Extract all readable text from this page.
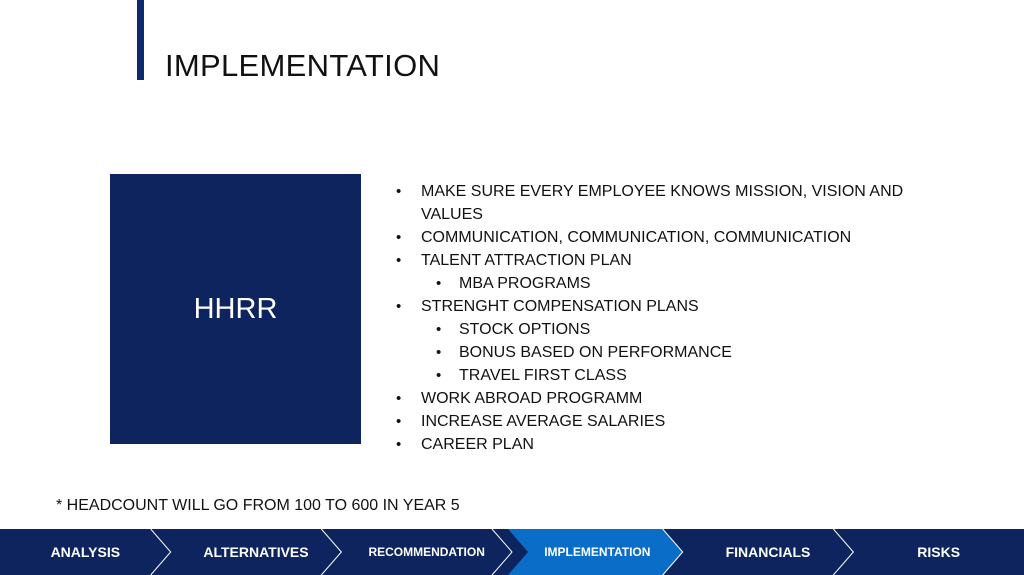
IMPLEMENTATION
HHRR
• MAKE SURE EVERY EMPLOYEE KNOWS MISSION, VISION AND VALUES
• COMMUNICATION, COMMUNICATION, COMMUNICATION
• TALENT ATTRACTION PLAN
• MBA PROGRAMS
• STRENGHT COMPENSATION PLANS
• STOCK OPTIONS
• BONUS BASED ON PERFORMANCE
• TRAVEL FIRST CLASS
• WORK ABROAD PROGRAMM
• INCREASE AVERAGE SALARIES
• CAREER PLAN
* HEADCOUNT WILL GO FROM 100 TO 600 IN YEAR 5
ANALYSIS	ALTERNATIVES	RECOMMENDATION	IMPLEMENTATION	FINANCIALS	RISKS
